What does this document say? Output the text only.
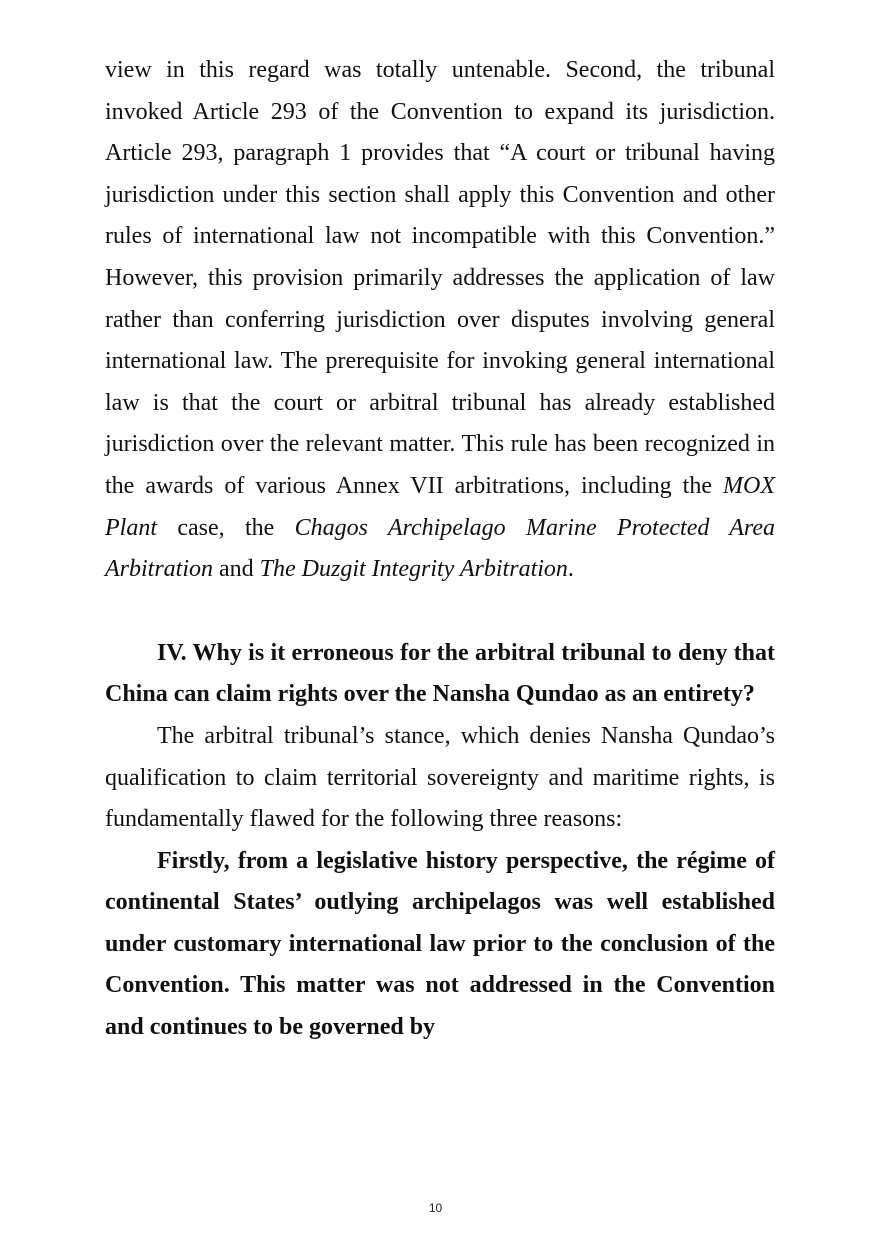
view in this regard was totally untenable. Second, the tribunal invoked Article 293 of the Convention to expand its jurisdiction. Article 293, paragraph 1 provides that “A court or tribunal having jurisdiction under this section shall apply this Convention and other rules of international law not incompatible with this Convention.” However, this provision primarily addresses the application of law rather than conferring jurisdiction over disputes involving general international law. The prerequisite for invoking general international law is that the court or arbitral tribunal has already established jurisdiction over the relevant matter. This rule has been recognized in the awards of various Annex VII arbitrations, including the MOX Plant case, the Chagos Archipelago Marine Protected Area Arbitration and The Duzgit Integrity Arbitration.

IV. Why is it erroneous for the arbitral tribunal to deny that China can claim rights over the Nansha Qundao as an entirety?

The arbitral tribunal’s stance, which denies Nansha Qundao’s qualification to claim territorial sovereignty and maritime rights, is fundamentally flawed for the following three reasons:

Firstly, from a legislative history perspective, the régime of continental States’ outlying archipelagos was well established under customary international law prior to the conclusion of the Convention. This matter was not addressed in the Convention and continues to be governed by

10
